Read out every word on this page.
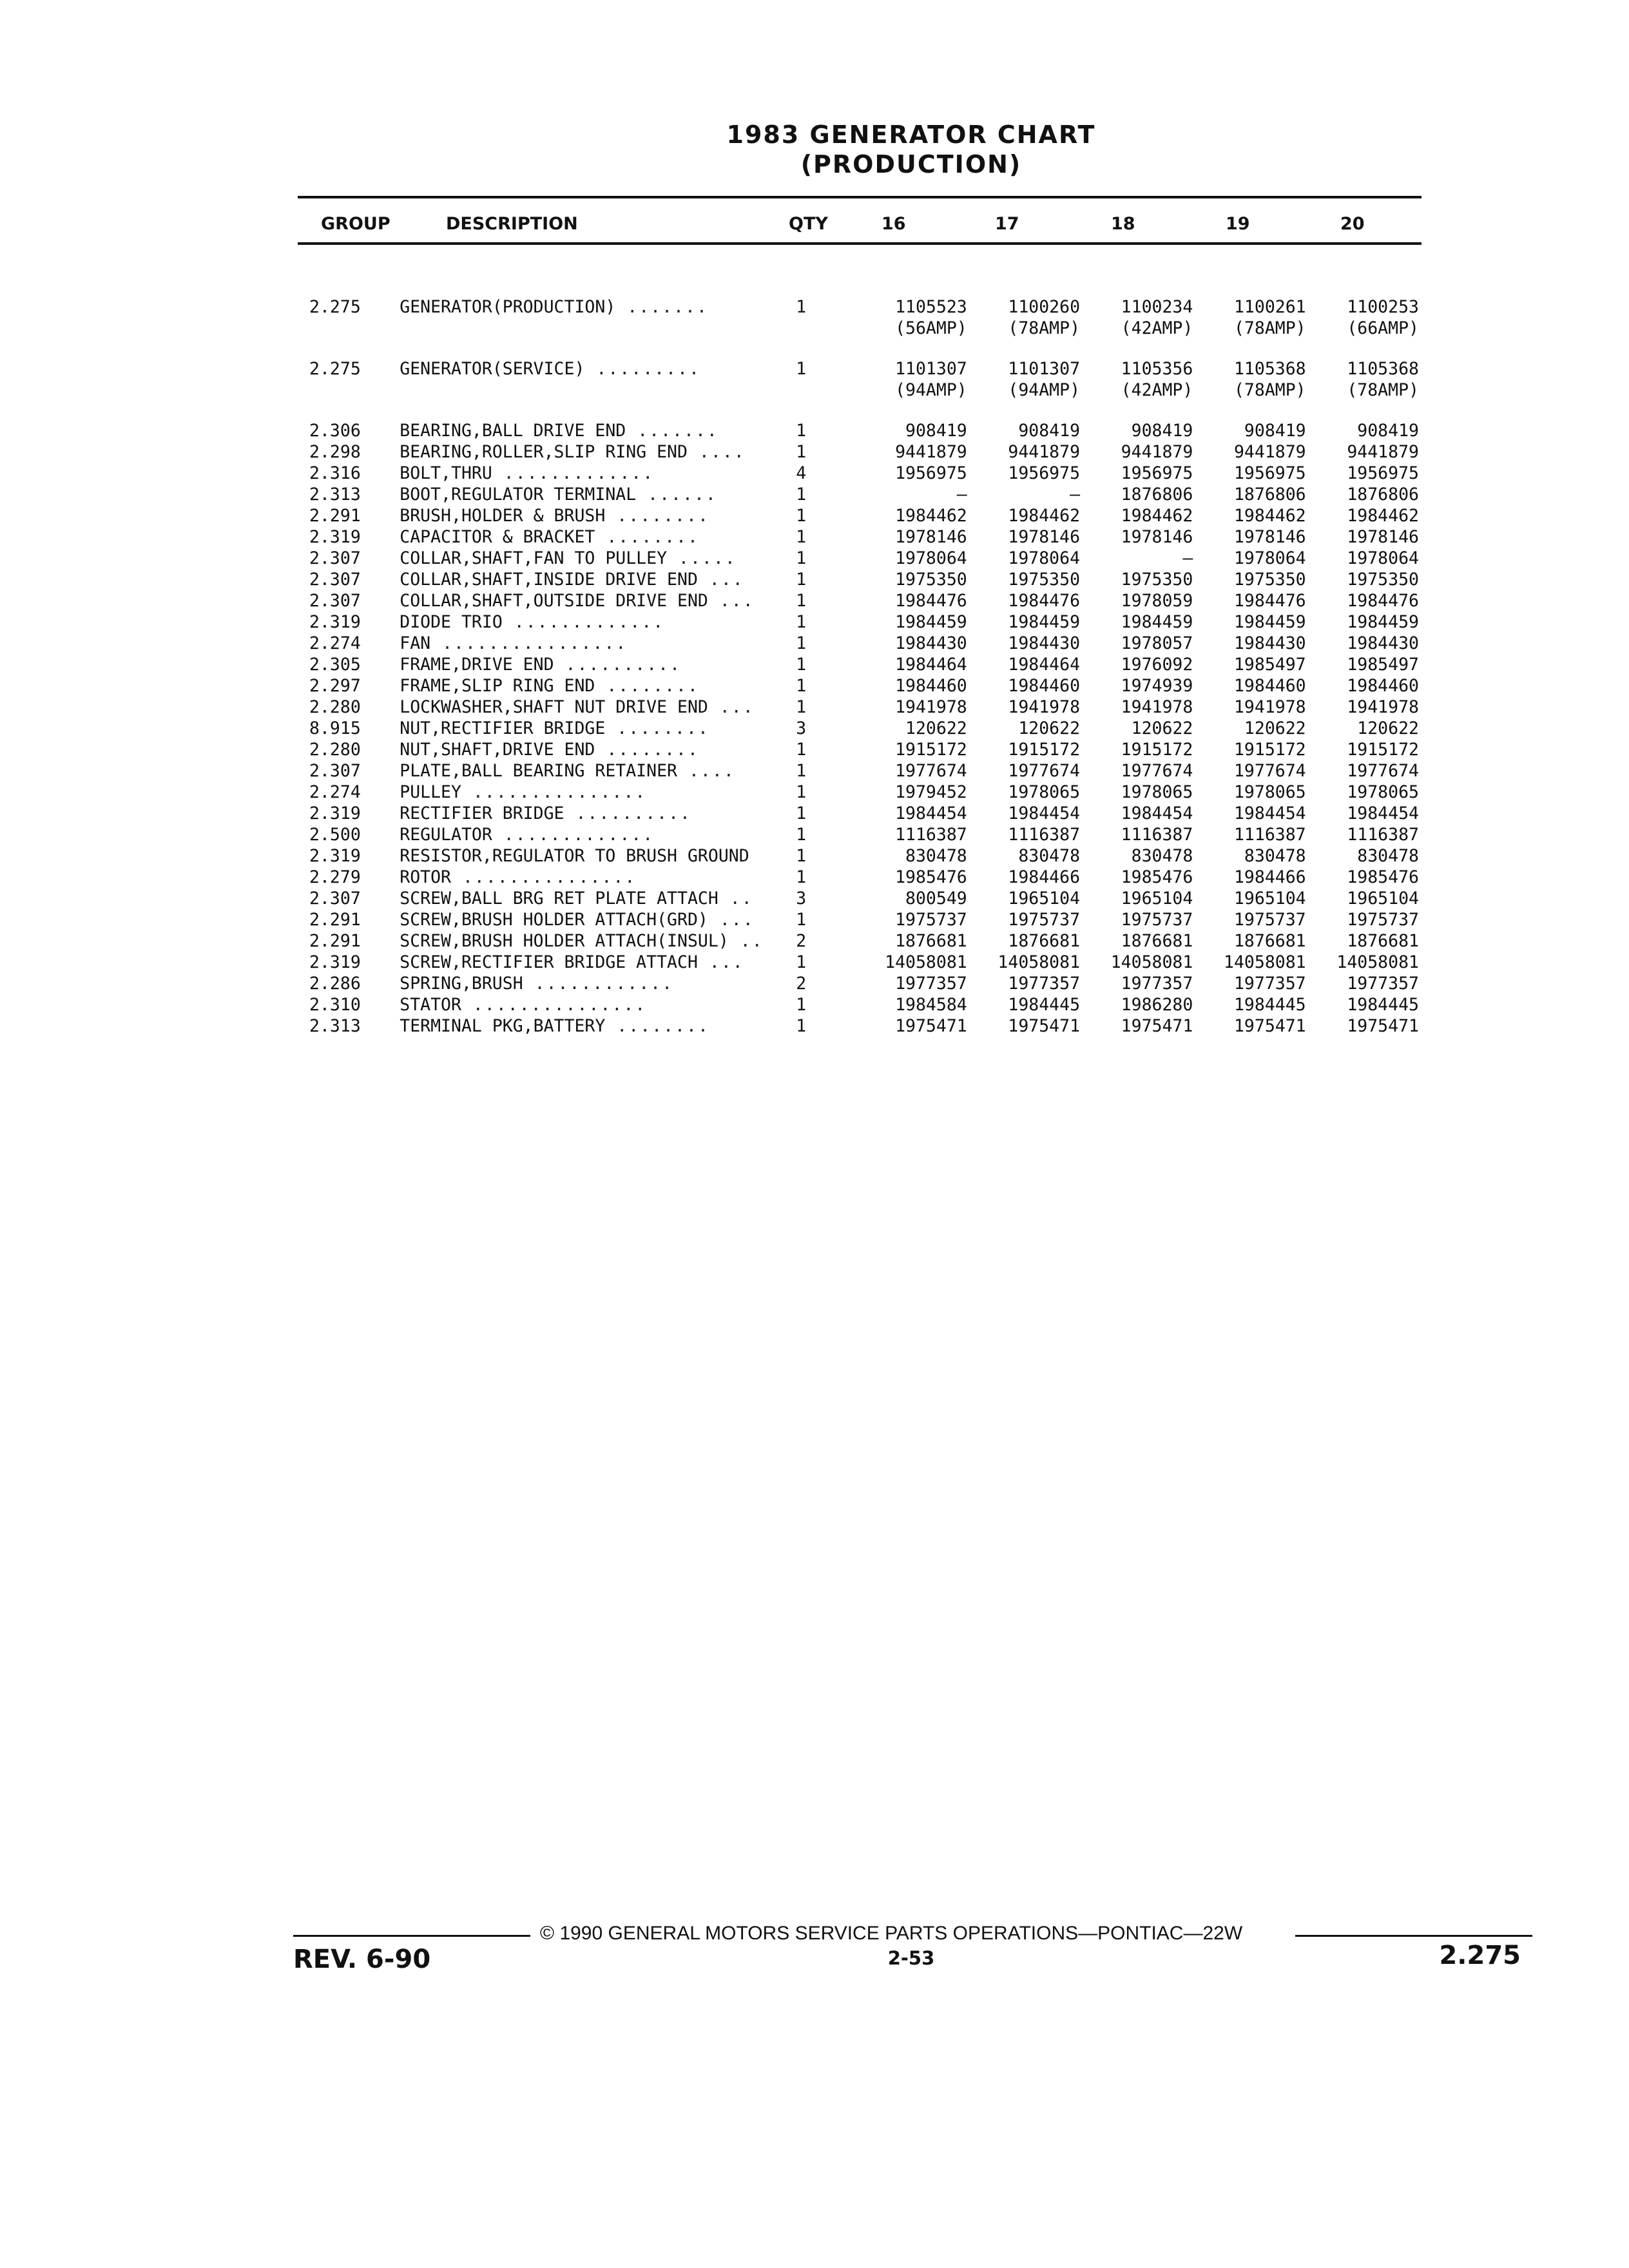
1983 GENERATOR CHART
(PRODUCTION)
GROUP	DESCRIPTION	QTY	16	17	18	19	20

2.275	GENERATOR(PRODUCTION) .......	1	1105523	1100260	1100234	1100261	1100253
			(56AMP)	(78AMP)	(42AMP)	(78AMP)	(66AMP)

2.275	GENERATOR(SERVICE) .........	1	1101307	1101307	1105356	1105368	1105368
			(94AMP)	(94AMP)	(42AMP)	(78AMP)	(78AMP)

2.306	BEARING,BALL DRIVE END .......	1	908419	908419	908419	908419	908419
2.298	BEARING,ROLLER,SLIP RING END ....	1	9441879	9441879	9441879	9441879	9441879
2.316	BOLT,THRU .............	4	1956975	1956975	1956975	1956975	1956975
2.313	BOOT,REGULATOR TERMINAL ......	1	—	—	1876806	1876806	1876806
2.291	BRUSH,HOLDER & BRUSH ........	1	1984462	1984462	1984462	1984462	1984462
2.319	CAPACITOR & BRACKET ........	1	1978146	1978146	1978146	1978146	1978146
2.307	COLLAR,SHAFT,FAN TO PULLEY .....	1	1978064	1978064	—	1978064	1978064
2.307	COLLAR,SHAFT,INSIDE DRIVE END ...	1	1975350	1975350	1975350	1975350	1975350
2.307	COLLAR,SHAFT,OUTSIDE DRIVE END ...	1	1984476	1984476	1978059	1984476	1984476
2.319	DIODE TRIO .............	1	1984459	1984459	1984459	1984459	1984459
2.274	FAN ................	1	1984430	1984430	1978057	1984430	1984430
2.305	FRAME,DRIVE END ..........	1	1984464	1984464	1976092	1985497	1985497
2.297	FRAME,SLIP RING END ........	1	1984460	1984460	1974939	1984460	1984460
2.280	LOCKWASHER,SHAFT NUT DRIVE END ...	1	1941978	1941978	1941978	1941978	1941978
8.915	NUT,RECTIFIER BRIDGE ........	3	120622	120622	120622	120622	120622
2.280	NUT,SHAFT,DRIVE END ........	1	1915172	1915172	1915172	1915172	1915172
2.307	PLATE,BALL BEARING RETAINER ....	1	1977674	1977674	1977674	1977674	1977674
2.274	PULLEY ...............	1	1979452	1978065	1978065	1978065	1978065
2.319	RECTIFIER BRIDGE ..........	1	1984454	1984454	1984454	1984454	1984454
2.500	REGULATOR .............	1	1116387	1116387	1116387	1116387	1116387
2.319	RESISTOR,REGULATOR TO BRUSH GROUND	1	830478	830478	830478	830478	830478
2.279	ROTOR ...............	1	1985476	1984466	1985476	1984466	1985476
2.307	SCREW,BALL BRG RET PLATE ATTACH ..	3	800549	1965104	1965104	1965104	1965104
2.291	SCREW,BRUSH HOLDER ATTACH(GRD) ...	1	1975737	1975737	1975737	1975737	1975737
2.291	SCREW,BRUSH HOLDER ATTACH(INSUL) ..	2	1876681	1876681	1876681	1876681	1876681
2.319	SCREW,RECTIFIER BRIDGE ATTACH ...	1	14058081	14058081	14058081	14058081	14058081
2.286	SPRING,BRUSH ............	2	1977357	1977357	1977357	1977357	1977357
2.310	STATOR ...............	1	1984584	1984445	1986280	1984445	1984445
2.313	TERMINAL PKG,BATTERY ........	1	1975471	1975471	1975471	1975471	1975471
© 1990 GENERAL MOTORS SERVICE PARTS OPERATIONS—PONTIAC—22W
REV. 6-90	2-53	2.275
